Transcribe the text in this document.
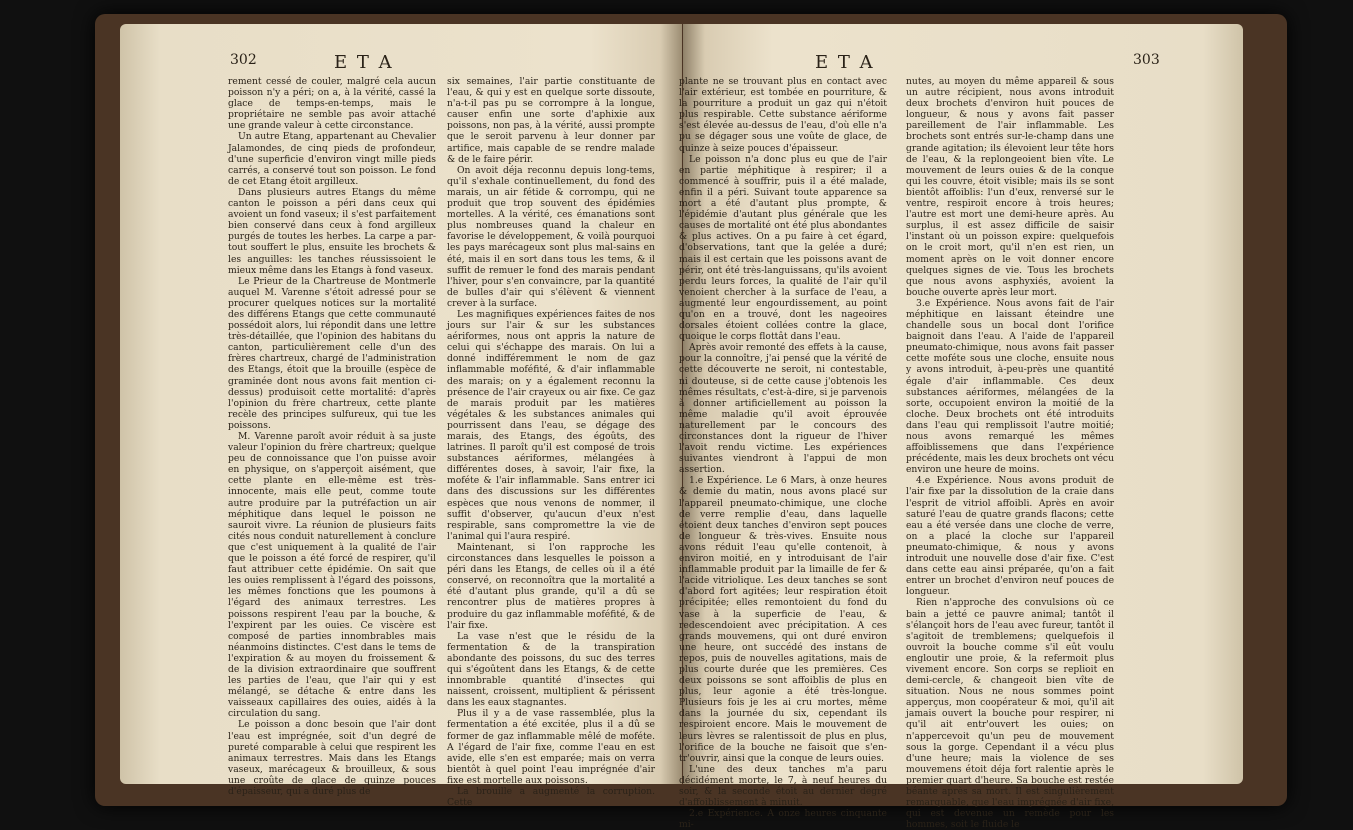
302	E T A

rement cessé de couler, malgré cela aucun poisson n'y a péri; on a, à la vérité, cassé la glace de temps-en-temps, mais le propriétaire ne semble pas avoir attaché une grande valeur à cette circonstance.

Un autre Etang, appartenant au Chevalier Jalamondes, de cinq pieds de profondeur, d'une superficie d'environ vingt mille pieds carrés, a conservé tout son poisson. Le fond de cet Etang étoit argilleux.

Dans plusieurs autres Etangs du même canton le poisson a péri dans ceux qui avoient un fond vaseux; il s'est parfaitement bien conservé dans ceux à fond argilleux purgés de toutes les herbes. La carpe a par-tout souffert le plus, ensuite les brochets & les anguilles: les tanches réussissoient le mieux même dans les Etangs à fond vaseux.

Le Prieur de la Chartreuse de Montmerle auquel M. Varenne s'étoit adressé pour se procurer quelques notices sur la mortalité des différens Etangs que cette communauté possédoit alors, lui répondit dans une lettre très-détaillée, que l'opinion des habitans du canton, particulièrement celle d'un des frères chartreux, chargé de l'administration des Etangs, étoit que la brouille (espèce de graminée dont nous avons fait mention ci-dessus) produisoit cette mortalité: d'après l'opinion du frère chartreux, cette plante recèle des principes sulfureux, qui tue les poissons.

M. Varenne paroît avoir réduit à sa juste valeur l'opinion du frère chartreux; quelque peu de connoissance que l'on puisse avoir en physique, on s'apperçoit aisément, que cette plante en elle-même est très-innocente, mais elle peut, comme toute autre produire par la putréfaction un air méphitique dans lequel le poisson ne sauroit vivre. La réunion de plusieurs faits cités nous conduit naturellement à conclure que c'est uniquement à la qualité de l'air que le poisson a été forcé de respirer, qu'il faut attribuer cette épidémie. On sait que les ouies remplissent à l'égard des poissons, les mêmes fonctions que les poumons à l'égard des animaux terrestres. Les poissons respirent l'eau par la bouche, & l'expirent par les ouies. Ce viscère est composé de parties innombrables mais néanmoins distinctes. C'est dans le tems de l'expiration & au moyen du froissement & de la division extraordinaire que souffrent les parties de l'eau, que l'air qui y est mélangé, se détache & entre dans les vaisseaux capillaires des ouies, aidés à la circulation du sang.

Le poisson a donc besoin que l'air dont l'eau est imprégnée, soit d'un degré de pureté comparable à celui que respirent les animaux terrestres. Mais dans les Etangs vaseux, marécageux & brouilleux, & sous une croûte de glace de quinze pouces d'épaisseur, qui a duré plus de

six semaines, l'air partie constituante de l'eau, & qui y est en quelque sorte dissoute, n'a-t-il pas pu se corrompre à la longue, causer enfin une sorte d'aphixie aux poissons, non pas, à la vérité, aussi prompte que le seroit parvenu à leur donner par artifice, mais capable de se rendre malade & de le faire périr.

On avoit déja reconnu depuis long-tems, qu'il s'exhale continuellement, du fond des marais, un air fétide & corrompu, qui ne produit que trop souvent des épidémies mortelles. A la vérité, ces émanations sont plus nombreuses quand la chaleur en favorise le développement, & voilà pourquoi les pays marécageux sont plus mal-sains en été, mais il en sort dans tous les tems, & il suffit de remuer le fond des marais pendant l'hiver, pour s'en convaincre, par la quantité de bulles d'air qui s'élèvent & viennent crever à la surface.

Les magnifiques expériences faites de nos jours sur l'air & sur les substances aériformes, nous ont appris la nature de celui qui s'échappe des marais. On lui a donné indifféremment le nom de gaz inflammable moféfité, & d'air inflammable des marais; on y a également reconnu la présence de l'air crayeux ou air fixe. Ce gaz de marais produit par les matières végétales & les substances animales qui pourrissent dans l'eau, se dégage des marais, des Etangs, des égoûts, des latrines. Il paroît qu'il est composé de trois substances aériformes, mélangées à différentes doses, à savoir, l'air fixe, la moféte & l'air inflammable. Sans entrer ici dans des discussions sur les différentes espèces que nous venons de nommer, il suffit d'observer, qu'aucun d'eux n'est respirable, sans compromettre la vie de l'animal qui l'aura respiré.

Maintenant, si l'on rapproche les circonstances dans lesquelles le poisson a péri dans les Etangs, de celles où il a été conservé, on reconnoîtra que la mortalité a été d'autant plus grande, qu'il a dû se rencontrer plus de matières propres à produire du gaz inflammable moféfité, & de l'air fixe.

La vase n'est que le résidu de la fermentation & de la transpiration abondante des poissons, du suc des terres qui s'égoûtent dans les Etangs, & de cette innombrable quantité d'insectes qui naissent, croissent, multiplient & périssent dans les eaux stagnantes.

Plus il y a de vase rassemblée, plus la fermentation a été excitée, plus il a dû se former de gaz inflammable mêlé de moféte. A l'égard de l'air fixe, comme l'eau en est avide, elle s'en est emparée; mais on verra bientôt à quel point l'eau imprégnée d'air fixe est mortelle aux poissons.

La brouille a augmenté la corruption. Cette

E T A	303

plante ne se trouvant plus en contact avec l'air extérieur, est tombée en pourriture, & la pourriture a produit un gaz qui n'étoit plus respirable. Cette substance aériforme s'est élevée au-dessus de l'eau, d'où elle n'a pu se dégager sous une voûte de glace, de quinze à seize pouces d'épaisseur.

Le poisson n'a donc plus eu que de l'air en partie méphitique à respirer; il a commencé à souffrir, puis il a été malade, enfin il a péri. Suivant toute apparence sa mort a été d'autant plus prompte, & l'épidémie d'autant plus générale que les causes de mortalité ont été plus abondantes & plus actives. On a pu faire à cet égard, d'observations, tant que la gelée a duré; mais il est certain que les poissons avant de périr, ont été très-languissans, qu'ils avoient perdu leurs forces, la qualité de l'air qu'il venoient chercher à la surface de l'eau, a augmenté leur engourdissement, au point qu'on en a trouvé, dont les nageoires dorsales étoient collées contre la glace, quoique le corps flottât dans l'eau.

Après avoir remonté des effets à la cause, pour la connoître, j'ai pensé que la vérité de cette découverte ne seroit, ni contestable, ni douteuse, si de cette cause j'obtenois les mêmes résultats, c'est-à-dire, si je parvenois à donner artificiellement au poisson la même maladie qu'il avoit éprouvée naturellement par le concours des circonstances dont la rigueur de l'hiver l'avoit rendu victime. Les expériences suivantes viendront à l'appui de mon assertion.

1.e Expérience. Le 6 Mars, à onze heures & demie du matin, nous avons placé sur l'appareil pneumato-chimique, une cloche de verre remplie d'eau, dans laquelle étoient deux tanches d'environ sept pouces de longueur & très-vives. Ensuite nous avons réduit l'eau qu'elle contenoit, à environ moitié, en y introduisant de l'air inflammable produit par la limaille de fer & l'acide vitriolique. Les deux tanches se sont d'abord fort agitées; leur respiration étoit précipitée; elles remontoient du fond du vase à la superficie de l'eau, & redescendoient avec précipitation. A ces grands mouvemens, qui ont duré environ une heure, ont succédé des instans de repos, puis de nouvelles agitations, mais de plus courte durée que les premières. Ces deux poissons se sont affoiblis de plus en plus, leur agonie a été très-longue. Plusieurs fois je les ai cru mortes, même dans la journée du six, cependant ils respiroient encore. Mais le mouvement de leurs lèvres se ralentissoit de plus en plus, l'orifice de la bouche ne faisoit que s'en-tr'ouvrir, ainsi que la conque de leurs ouies.

L'une des deux tanches m'a paru décidément morte, le 7, à neuf heures du soir, & la seconde étoit au dernier degré d'affoiblissement à minuit.

2.e Expérience. A onze heures cinquante mi-

nutes, au moyen du même appareil & sous un autre récipient, nous avons introduit deux brochets d'environ huit pouces de longueur, & nous y avons fait passer pareillement de l'air inflammable. Les brochets sont entrés sur-le-champ dans une grande agitation; ils élevoient leur tête hors de l'eau, & la replongeoient bien vîte. Le mouvement de leurs ouies & de la conque qui les couvre, étoit visible; mais ils se sont bientôt affoiblis: l'un d'eux, renversé sur le ventre, respiroit encore à trois heures; l'autre est mort une demi-heure après. Au surplus, il est assez difficile de saisir l'instant où un poisson expire: quelquefois on le croit mort, qu'il n'en est rien, un moment après on le voit donner encore quelques signes de vie. Tous les brochets que nous avons asphyxiés, avoient la bouche ouverte après leur mort.

3.e Expérience. Nous avons fait de l'air méphitique en laissant éteindre une chandelle sous un bocal dont l'orifice baignoit dans l'eau. A l'aide de l'appareil pneumato-chimique, nous avons fait passer cette moféte sous une cloche, ensuite nous y avons introduit, à-peu-près une quantité égale d'air inflammable. Ces deux substances aériformes, mélangées de la sorte, occupoient environ la moitié de la cloche. Deux brochets ont été introduits dans l'eau qui remplissoit l'autre moitié; nous avons remarqué les mêmes affoiblissemens que dans l'expérience précédente, mais les deux brochets ont vécu environ une heure de moins.

4.e Expérience. Nous avons produit de l'air fixe par la dissolution de la craie dans l'esprit de vitriol affoibli. Après en avoir saturé l'eau de quatre grands flacons; cette eau a été versée dans une cloche de verre, on a placé la cloche sur l'appareil pneumato-chimique, & nous y avons introduit une nouvelle dose d'air fixe. C'est dans cette eau ainsi préparée, qu'on a fait entrer un brochet d'environ neuf pouces de longueur.

Rien n'approche des convulsions où ce bain a jetté ce pauvre animal; tantôt il s'élançoit hors de l'eau avec fureur, tantôt il s'agitoit de tremblemens; quelquefois il ouvroit la bouche comme s'il eût voulu engloutir une proie, & la refermoit plus vivement encore. Son corps se replioit en demi-cercle, & changeoit bien vîte de situation. Nous ne nous sommes point apperçus, mon coopérateur & moi, qu'il ait jamais ouvert la bouche pour respirer, ni qu'il ait entr'ouvert les ouies; on n'appercevoit qu'un peu de mouvement sous la gorge. Cependant il a vécu plus d'une heure; mais la violence de ses mouvemens étoit déja fort ralentie après le premier quart d'heure. Sa bouche est restée béante après sa mort. Il est singulièrement remarquable, que l'eau imprégnée d'air fixe, qui est devenue un remède pour les hommes, soit le fluide le
